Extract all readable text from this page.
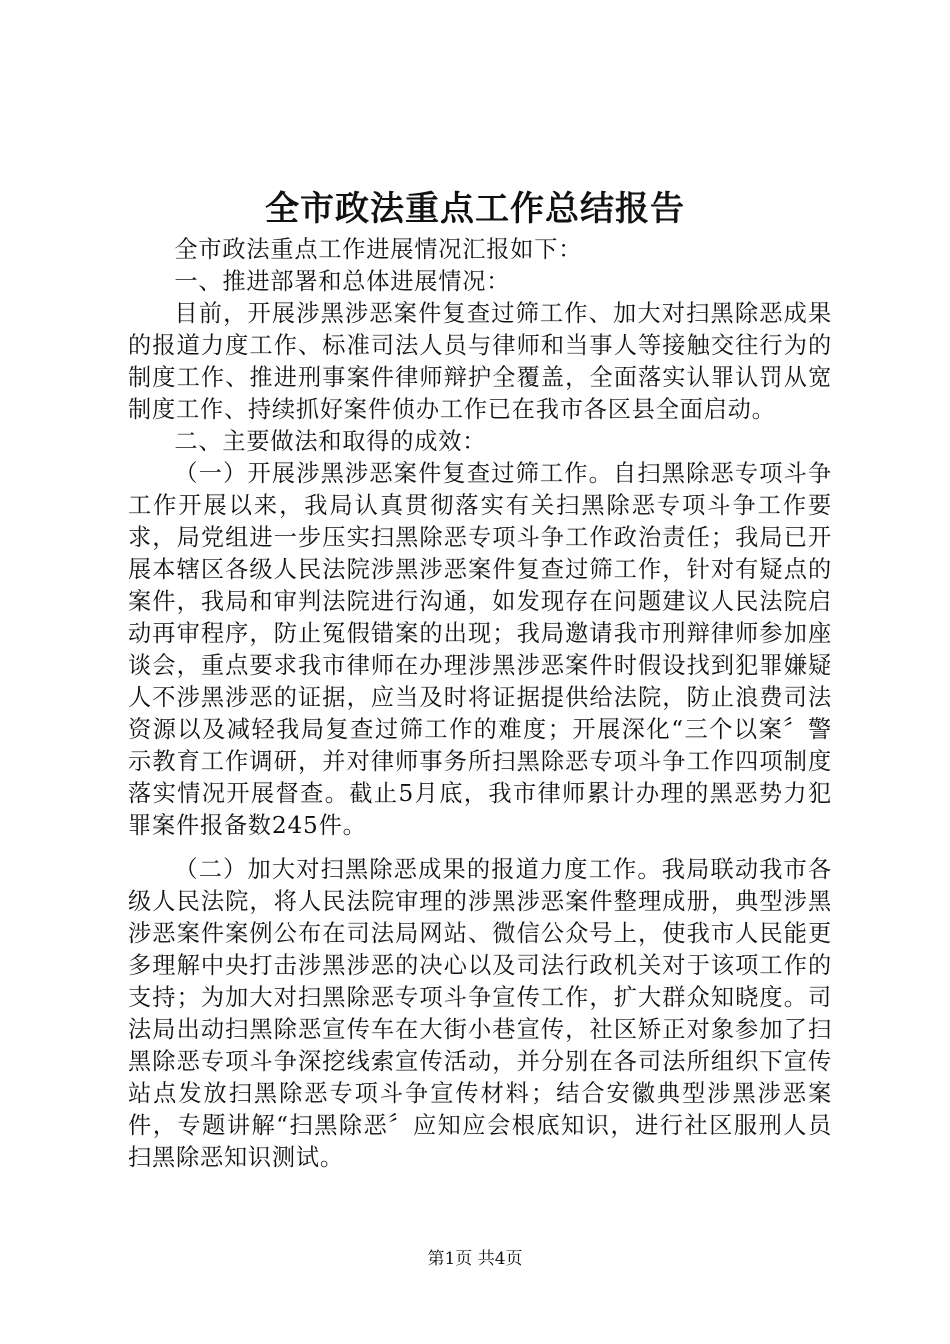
全市政法重点工作总结报告

全市政法重点工作进展情况汇报如下：

一、推进部署和总体进展情况：

目前，开展涉黑涉恶案件复查过筛工作、加大对扫黑除恶成果的报道力度工作、标准司法人员与律师和当事人等接触交往行为的制度工作、推进刑事案件律师辩护全覆盖，全面落实认罪认罚从宽制度工作、持续抓好案件侦办工作已在我市各区县全面启动。

二、主要做法和取得的成效：

（一）开展涉黑涉恶案件复查过筛工作。自扫黑除恶专项斗争工作开展以来，我局认真贯彻落实有关扫黑除恶专项斗争工作要求，局党组进一步压实扫黑除恶专项斗争工作政治责任；我局已开展本辖区各级人民法院涉黑涉恶案件复查过筛工作，针对有疑点的案件，我局和审判法院进行沟通，如发现存在问题建议人民法院启动再审程序，防止冤假错案的出现；我局邀请我市刑辩律师参加座谈会，重点要求我市律师在办理涉黑涉恶案件时假设找到犯罪嫌疑人不涉黑涉恶的证据，应当及时将证据提供给法院，防止浪费司法资源以及减轻我局复查过筛工作的难度；开展深化“三个以案〞警示教育工作调研，并对律师事务所扫黑除恶专项斗争工作四项制度落实情况开展督查。截止5月底，我市律师累计办理的黑恶势力犯罪案件报备数245件。

（二）加大对扫黑除恶成果的报道力度工作。我局联动我市各级人民法院，将人民法院审理的涉黑涉恶案件整理成册，典型涉黑涉恶案件案例公布在司法局网站、微信公众号上，使我市人民能更多理解中央打击涉黑涉恶的决心以及司法行政机关对于该项工作的支持；为加大对扫黑除恶专项斗争宣传工作，扩大群众知晓度。司法局出动扫黑除恶宣传车在大街小巷宣传，社区矫正对象参加了扫黑除恶专项斗争深挖线索宣传活动，并分别在各司法所组织下宣传站点发放扫黑除恶专项斗争宣传材料；结合安徽典型涉黑涉恶案件，专题讲解“扫黑除恶〞应知应会根底知识，进行社区服刑人员扫黑除恶知识测试。

第1页 共4页
